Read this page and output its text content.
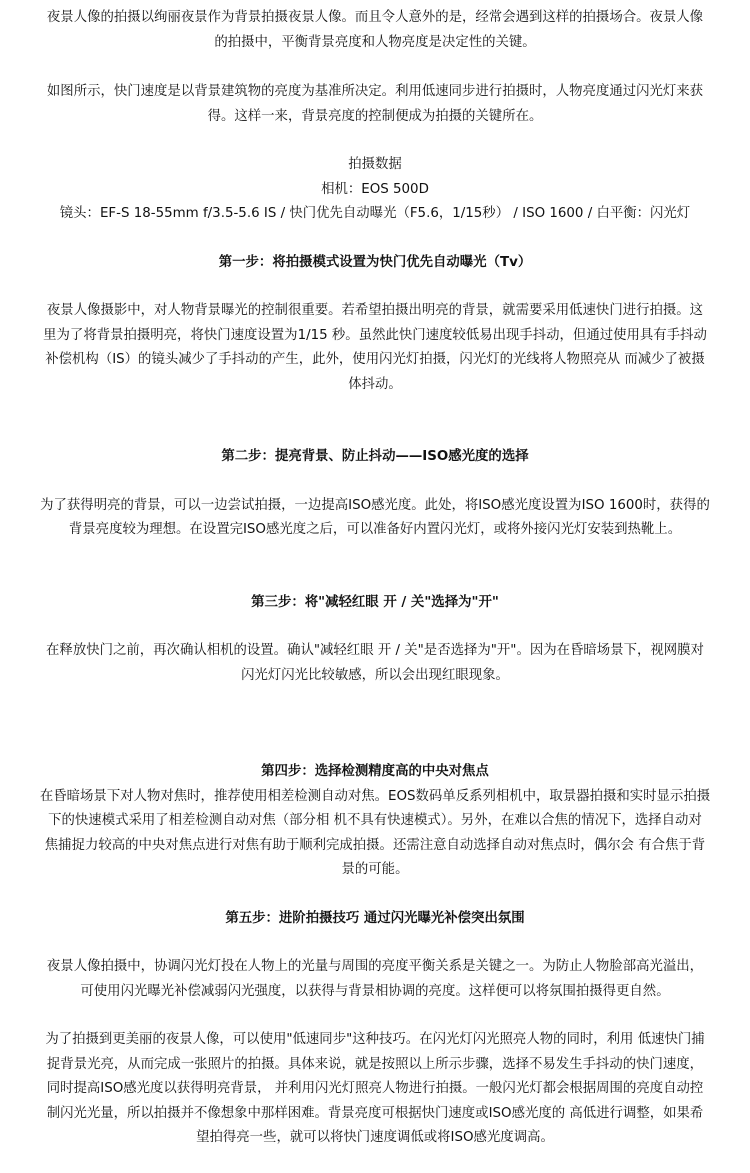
夜景人像的拍摄以绚丽夜景作为背景拍摄夜景人像。而且令人意外的是，经常会遇到这样的拍摄场合。夜景人像
的拍摄中，平衡背景亮度和人物亮度是决定性的关键。

如图所示，快门速度是以背景建筑物的亮度为基准所决定。利用低速同步进行拍摄时，人物亮度通过闪光灯来获
得。这样一来，背景亮度的控制便成为拍摄的关键所在。

拍摄数据
相机：EOS 500D
镜头：EF-S 18-55mm f/3.5-5.6 IS / 快门优先自动曝光（F5.6，1/15秒） / ISO 1600 / 白平衡：闪光灯
第一步：将拍摄模式设置为快门优先自动曝光（Tv）

夜景人像摄影中，对人物背景曝光的控制很重要。若希望拍摄出明亮的背景，就需要采用低速快门进行拍摄。这
里为了将背景拍摄明亮，将快门速度设置为1/15 秒。虽然此快门速度较低易出现手抖动，但通过使用具有手抖动
补偿机构（IS）的镜头减少了手抖动的产生，此外，使用闪光灯拍摄，闪光灯的光线将人物照亮从 而减少了被摄
体抖动。

第二步：提亮背景、防止抖动——ISO感光度的选择

为了获得明亮的背景，可以一边尝试拍摄，一边提高ISO感光度。此处，将ISO感光度设置为ISO 1600时，获得的
背景亮度较为理想。在设置完ISO感光度之后，可以准备好内置闪光灯，或将外接闪光灯安装到热靴上。

第三步：将"减轻红眼 开 / 关"选择为"开"

在释放快门之前，再次确认相机的设置。确认"减轻红眼 开 / 关"是否选择为"开"。因为在昏暗场景下，视网膜对
闪光灯闪光比较敏感，所以会出现红眼现象。

第四步：选择检测精度高的中央对焦点

在昏暗场景下对人物对焦时，推荐使用相差检测自动对焦。EOS数码单反系列相机中，取景器拍摄和实时显示拍摄
下的快速模式采用了相差检测自动对焦（部分相 机不具有快速模式）。另外，在难以合焦的情况下，选择自动对
焦捕捉力较高的中央对焦点进行对焦有助于顺利完成拍摄。还需注意自动选择自动对焦点时，偶尔会 有合焦于背
景的可能。

第五步：进阶拍摄技巧 通过闪光曝光补偿突出氛围

夜景人像拍摄中，协调闪光灯投在人物上的光量与周围的亮度平衡关系是关键之一。为防止人物脸部高光溢出，
可使用闪光曝光补偿减弱闪光强度，以获得与背景相协调的亮度。这样便可以将氛围拍摄得更自然。

为了拍摄到更美丽的夜景人像，可以使用"低速同步"这种技巧。在闪光灯闪光照亮人物的同时，利用 低速快门捕
捉背景光亮，从而完成一张照片的拍摄。具体来说，就是按照以上所示步骤，选择不易发生手抖动的快门速度，
同时提高ISO感光度以获得明亮背景， 并利用闪光灯照亮人物进行拍摄。一般闪光灯都会根据周围的亮度自动控
制闪光光量，所以拍摄并不像想象中那样困难。背景亮度可根据快门速度或ISO感光度的 高低进行调整，如果希
望拍得亮一些，就可以将快门速度调低或将ISO感光度调高。
